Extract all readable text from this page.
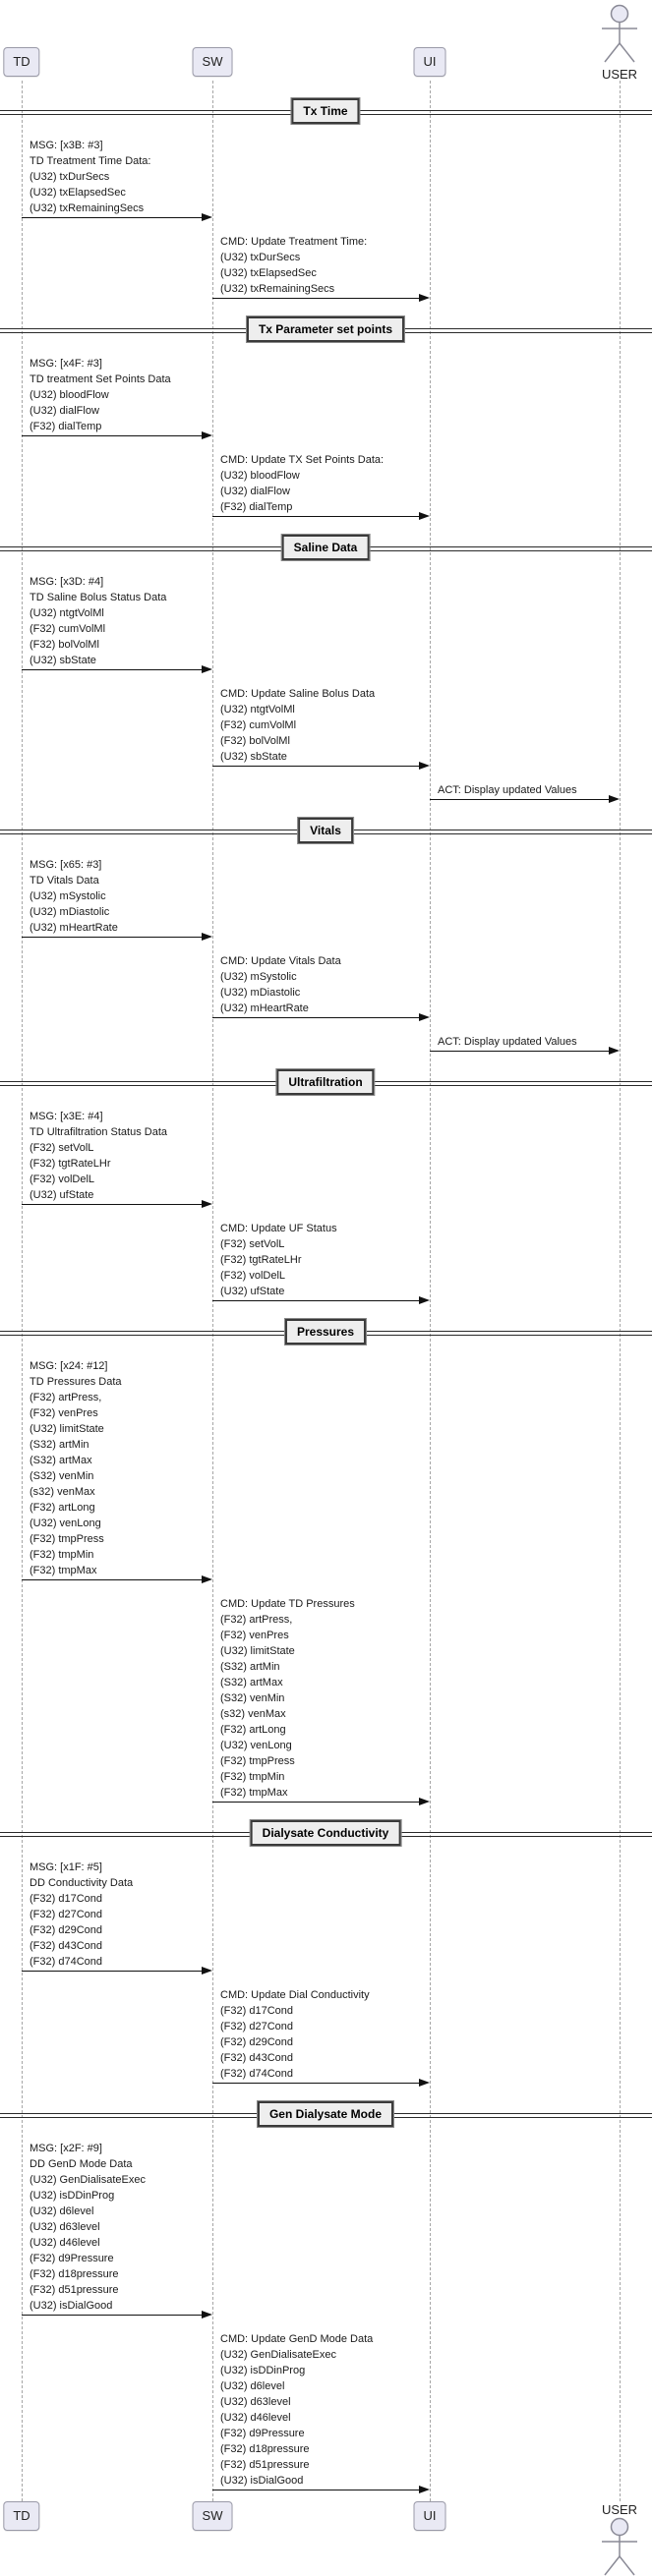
TD
TD
SW
SW
UI
UI
USER
USER
Tx Time
MSG: [x3B: #3]
TD Treatment Time Data:
(U32) txDurSecs
(U32) txElapsedSec
(U32) txRemainingSecs
CMD: Update Treatment Time:
(U32) txDurSecs
(U32) txElapsedSec
(U32) txRemainingSecs
Tx Parameter set points
MSG: [x4F: #3]
TD treatment Set Points Data
(U32) bloodFlow
(U32) dialFlow
(F32) dialTemp
CMD: Update TX Set Points Data:
(U32) bloodFlow
(U32) dialFlow
(F32) dialTemp
Saline Data
MSG: [x3D: #4]
TD Saline Bolus Status Data
(U32) ntgtVolMl
(F32) cumVolMl
(F32) bolVolMl
(U32) sbState
CMD: Update Saline Bolus Data
(U32) ntgtVolMl
(F32) cumVolMl
(F32) bolVolMl
(U32) sbState
ACT: Display updated Values
Vitals
MSG: [x65: #3]
TD Vitals Data
(U32) mSystolic
(U32) mDiastolic
(U32) mHeartRate
CMD: Update Vitals Data
(U32) mSystolic
(U32) mDiastolic
(U32) mHeartRate
ACT: Display updated Values
Ultrafiltration
MSG: [x3E: #4]
TD Ultrafiltration Status Data
(F32) setVolL
(F32) tgtRateLHr
(F32) volDelL
(U32) ufState
CMD: Update UF Status
(F32) setVolL
(F32) tgtRateLHr
(F32) volDelL
(U32) ufState
Pressures
MSG: [x24: #12]
TD Pressures Data
(F32) artPress,
(F32) venPres
(U32) limitState
(S32) artMin
(S32) artMax
(S32) venMin
(s32) venMax
(F32) artLong
(U32) venLong
(F32) tmpPress
(F32) tmpMin
(F32) tmpMax
CMD: Update TD Pressures
(F32) artPress,
(F32) venPres
(U32) limitState
(S32) artMin
(S32) artMax
(S32) venMin
(s32) venMax
(F32) artLong
(U32) venLong
(F32) tmpPress
(F32) tmpMin
(F32) tmpMax
Dialysate Conductivity
MSG: [x1F: #5]
DD Conductivity Data
(F32) d17Cond
(F32) d27Cond
(F32) d29Cond
(F32) d43Cond
(F32) d74Cond
CMD: Update Dial Conductivity
(F32) d17Cond
(F32) d27Cond
(F32) d29Cond
(F32) d43Cond
(F32) d74Cond
Gen Dialysate Mode
MSG: [x2F: #9]
DD GenD Mode Data
(U32) GenDialisateExec
(U32) isDDinProg
(U32) d6level
(U32) d63level
(U32) d46level
(F32) d9Pressure
(F32) d18pressure
(F32) d51pressure
(U32) isDialGood
CMD: Update GenD Mode Data
(U32) GenDialisateExec
(U32) isDDinProg
(U32) d6level
(U32) d63level
(U32) d46level
(F32) d9Pressure
(F32) d18pressure
(F32) d51pressure
(U32) isDialGood
